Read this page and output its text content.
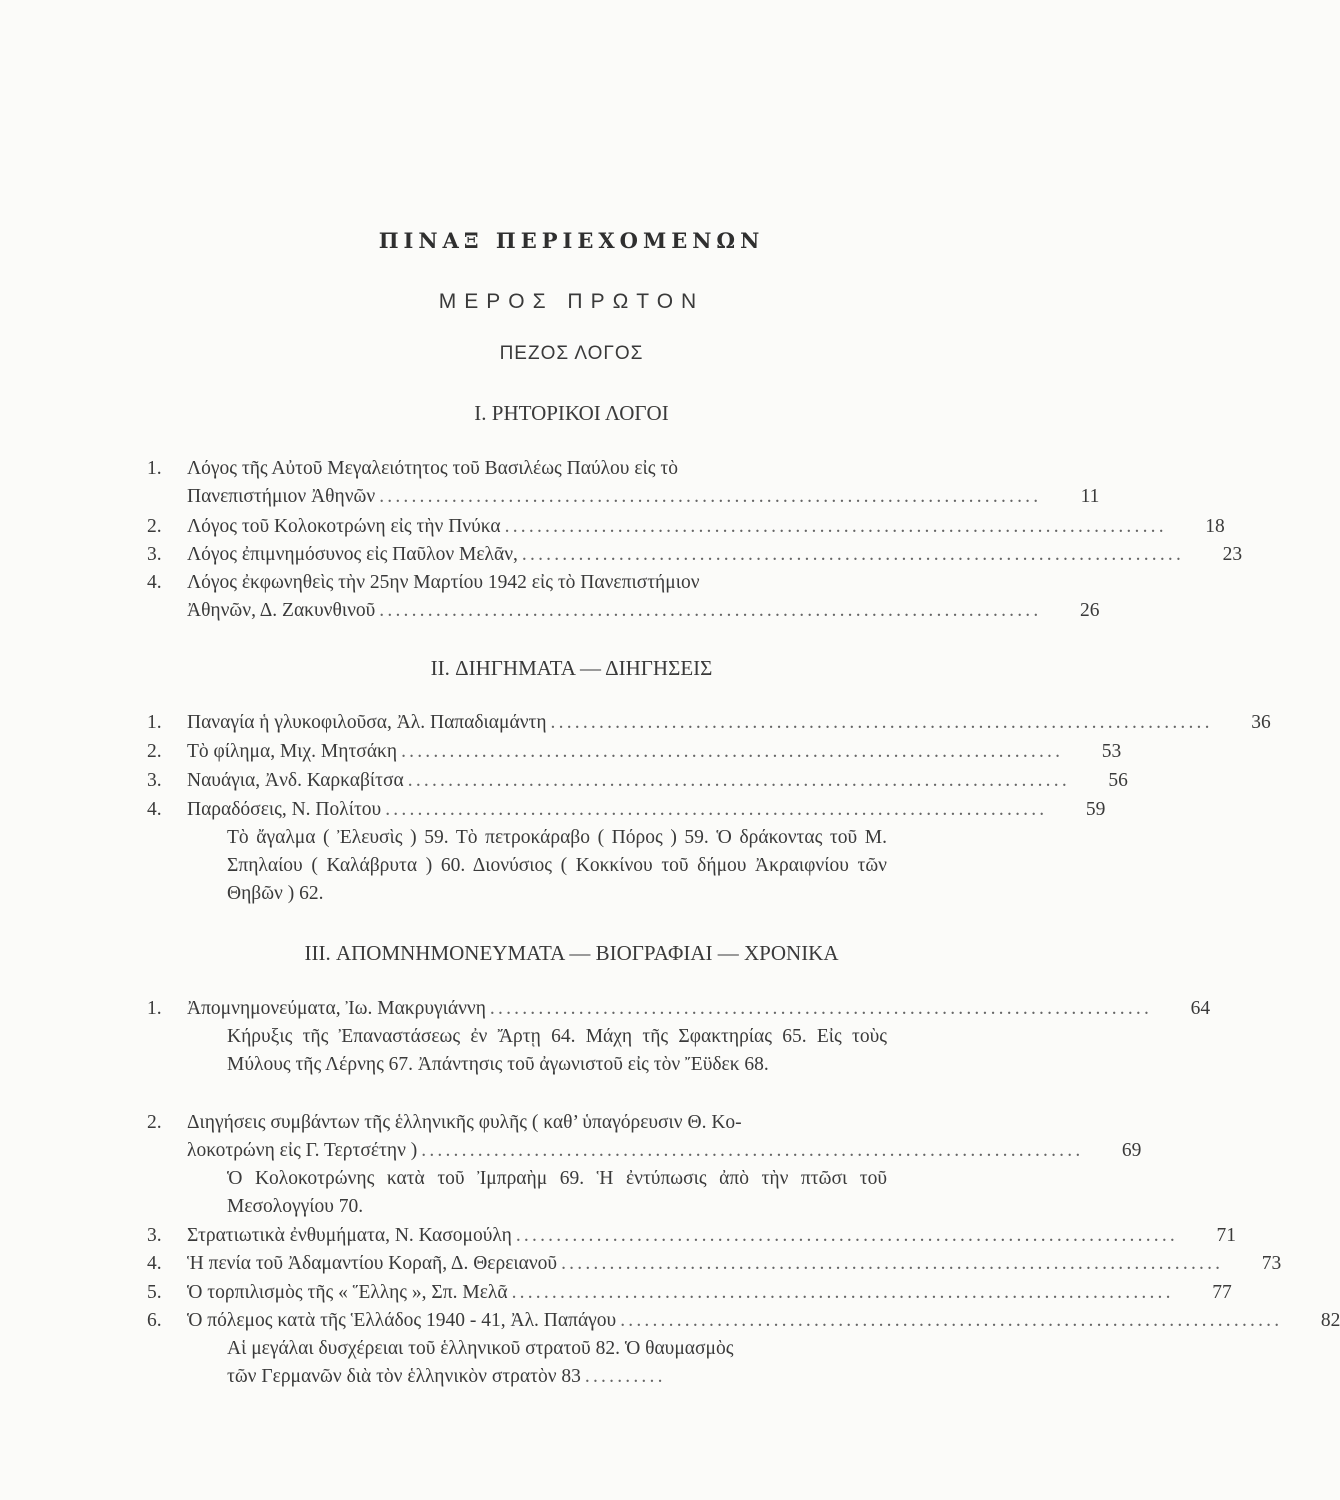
ΠΙΝΑΞ ΠΕΡΙΕΧΟΜΕΝΩΝ
ΜΕΡΟΣ ΠΡΩΤΟΝ
ΠΕΖΟΣ ΛΟΓΟΣ
I. ΡΗΤΟΡΙΚΟΙ ΛΟΓΟΙ
1.	Λόγος τῆς Αὐτοῦ Μεγαλειότητος τοῦ Βασιλέως Παύλου εἰς τὸ
Πανεπιστήμιον Ἀθηνῶν ..................................................................................	11
2.	Λόγος τοῦ Κολοκοτρώνη εἰς τὴν Πνύκα ..................................................................................	18
3.	Λόγος ἐπιμνημόσυνος εἰς Παῦλον Μελᾶν, ..................................................................................	23
4.	Λόγος ἐκφωνηθεὶς τὴν 25ην Μαρτίου 1942 εἰς τὸ Πανεπιστήμιον
Ἀθηνῶν, Δ. Ζακυνθινοῦ ..................................................................................	26
II. ΔΙΗΓΗΜΑΤΑ — ΔΙΗΓΗΣΕΙΣ
1.	Παναγία ἡ γλυκοφιλοῦσα, Ἀλ. Παπαδιαμάντη ..................................................................................	36
2.	Τὸ φίλημα, Μιχ. Μητσάκη ..................................................................................	53
3.	Ναυάγια, Ἀνδ. Καρκαβίτσα ..................................................................................	56
4.	Παραδόσεις, Ν. Πολίτου ..................................................................................	59
Τὸ ἄγαλμα ( Ἐλευσὶς ) 59. Τὸ πετροκάραβο ( Πόρος ) 59. Ὁ δράκοντας τοῦ Μ. Σπηλαίου ( Καλάβρυτα ) 60. Διονύσιος ( Κοκκίνου τοῦ δήμου Ἀκραιφνίου τῶν Θηβῶν ) 62.
III. ΑΠΟΜΝΗΜΟΝΕΥΜΑΤΑ — ΒΙΟΓΡΑΦΙΑΙ — ΧΡΟΝΙΚΑ
1.	Ἀπομνημονεύματα, Ἰω. Μακρυγιάννη ..................................................................................	64
Κήρυξις τῆς Ἐπαναστάσεως ἐν Ἄρτῃ 64. Μάχη τῆς Σφακτηρίας 65. Εἰς τοὺς Μύλους τῆς Λέρνης 67. Ἀπάντησις τοῦ ἀγωνιστοῦ εἰς τὸν Ἔϋδεκ 68.
2.	Διηγήσεις συμβάντων τῆς ἑλληνικῆς φυλῆς ( καθ’ ὑπαγόρευσιν Θ. Κο-
λοκοτρώνη εἰς Γ. Τερτσέτην ) ..................................................................................	69
Ὁ Κολοκοτρώνης κατὰ τοῦ Ἰμπραὴμ 69. Ἡ ἐντύπωσις ἀπὸ τὴν πτῶσι τοῦ Μεσολογγίου 70.
3.	Στρατιωτικὰ ἐνθυμήματα, Ν. Κασομούλη ..................................................................................	71
4.	Ἡ πενία τοῦ Ἀδαμαντίου Κοραῆ, Δ. Θερειανοῦ ..................................................................................	73
5.	Ὁ τορπιλισμὸς τῆς « Ἕλλης », Σπ. Μελᾶ ..................................................................................	77
6.	Ὁ πόλεμος κατὰ τῆς Ἑλλάδος 1940 - 41, Ἀλ. Παπάγου ..................................................................................	82
Αἱ μεγάλαι δυσχέρειαι τοῦ ἑλληνικοῦ στρατοῦ 82. Ὁ θαυμασμὸς
τῶν Γερμανῶν διὰ τὸν ἑλληνικὸν στρατὸν 83 ..........
